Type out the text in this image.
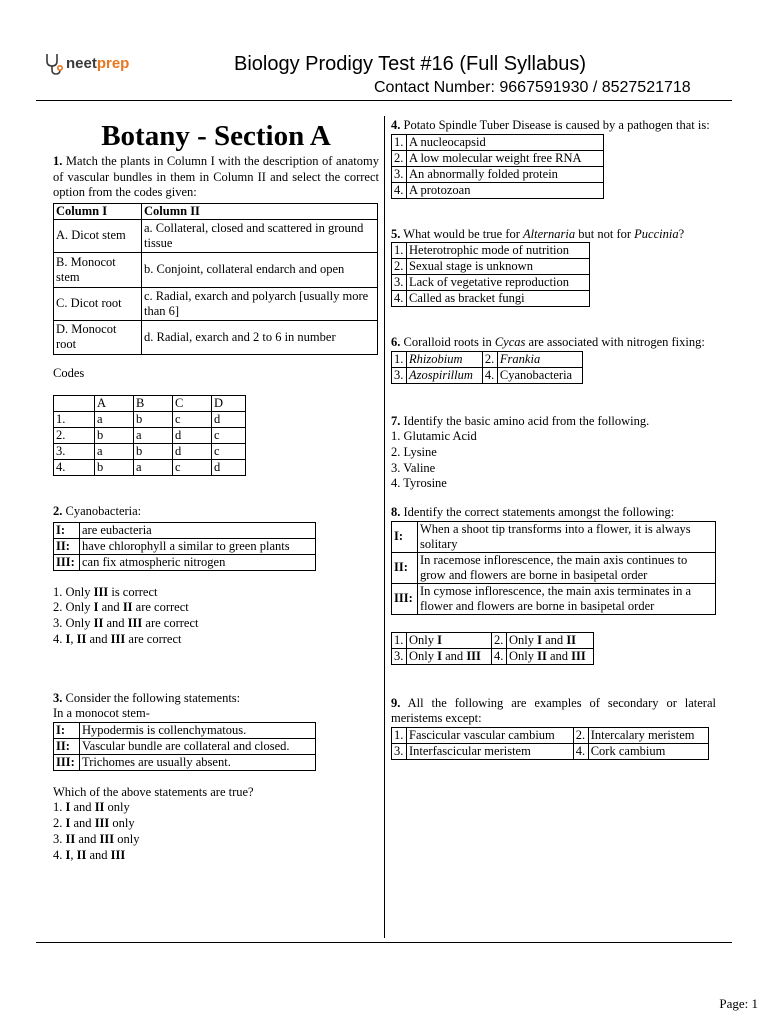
neet prep	Biology Prodigy Test #16 (Full Syllabus)
Contact Number: 9667591930 / 8527521718
Botany - Section A

1. Match the plants in Column I with the description of anatomy of vascular bundles in them in Column II and select the correct option from the codes given:

Column I	Column II
A. Dicot stem	a. Collateral, closed and scattered in ground tissue
B. Monocot stem	b. Conjoint, collateral endarch and open
C. Dicot root	c. Radial, exarch and polyarch [usually more than 6]
D. Monocot root	d. Radial, exarch and 2 to 6 in number
Codes
	A	B	C	D
1.	a	b	c	d
2.	b	a	d	c
3.	a	b	d	c
4.	b	a	c	d

2. Cyanobacteria:

I:	are eubacteria
II:	have chlorophyll a similar to green plants
III:	can fix atmospheric nitrogen
1. Only III is correct
2. Only I and II are correct
3. Only II and III are correct
4. I, II and III are correct

3. Consider the following statements:

In a monocot stem-
I:	Hypodermis is collenchymatous.
II:	Vascular bundle are collateral and closed.
III:	Trichomes are usually absent.
Which of the above statements are true?
1. I and II only
2. I and III only
3. II and III only
4. I, II and III

4. Potato Spindle Tuber Disease is caused by a pathogen that is:

1.	A nucleocapsid
2.	A low molecular weight free RNA
3.	An abnormally folded protein
4.	A protozoan

5. What would be true for Alternaria but not for Puccinia?

1.	Heterotrophic mode of nutrition
2.	Sexual stage is unknown
3.	Lack of vegetative reproduction
4.	Called as bracket fungi

6. Coralloid roots in Cycas are associated with nitrogen fixing:

1.	Rhizobium	2.	Frankia
3.	Azospirillum	4.	Cyanobacteria

7. Identify the basic amino acid from the following.

1. Glutamic Acid
2. Lysine
3. Valine
4. Tyrosine

8. Identify the correct statements amongst the following:

I:	When a shoot tip transforms into a flower, it is always solitary
II:	In racemose inflorescence, the main axis continues to grow and flowers are borne in basipetal order
III:	In cymose inflorescence, the main axis terminates in a flower and flowers are borne in basipetal order
1.	Only I	2.	Only I and II
3.	Only I and III	4.	Only II and III

9. All the following are examples of secondary or lateral meristems except:

1.	Fascicular vascular cambium	2.	Intercalary meristem
3.	Interfascicular meristem	4.	Cork cambium
Page: 1
